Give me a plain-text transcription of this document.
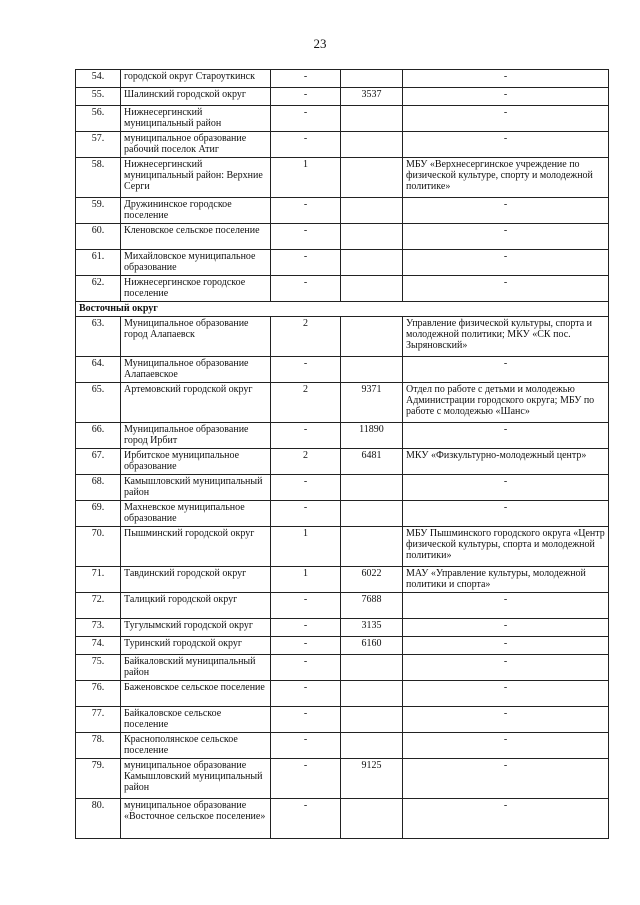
23
54.	городской округ Староуткинск	-		-
55.	Шалинский городской округ	-	3537	-
56.	Нижнесергинский муниципальный район	-		-
57.	муниципальное образование рабочий поселок Атиг	-		-
58.	Нижнесергинский муниципальный район: Верхние Серги	1		МБУ «Верхнесергинское учреждение по физической культуре, спорту и молодежной политике»
59.	Дружининское городское поселение	-		-
60.	Кленовское сельское поселение	-		-
61.	Михайловское муниципальное образование	-		-
62.	Нижнесергинское городское поселение	-		-
Восточный округ				
63.	Муниципальное образование город Алапаевск	2		Управление физической культуры, спорта и молодежной политики; МКУ «СК пос. Зыряновский»
64.	Муниципальное образование Алапаевское	-		-
65.	Артемовский городской округ	2	9371	Отдел по работе с детьми и молодежью Администрации городского округа; МБУ по работе с молодежью «Шанс»
66.	Муниципальное образование город Ирбит	-	11890	-
67.	Ирбитское муниципальное образование	2	6481	МКУ «Физкультурно-молодежный центр»
68.	Камышловский муниципальный район	-		-
69.	Махневское муниципальное образование	-		-
70.	Пышминский городской округ	1		МБУ Пышминского городского округа «Центр физической культуры, спорта и молодежной политики»
71.	Тавдинский городской округ	1	6022	МАУ «Управление культуры, молодежной политики и спорта»
72.	Талицкий городской округ	-	7688	-
73.	Тугулымский городской округ	-	3135	-
74.	Туринский городской округ	-	6160	-
75.	Байкаловский муниципальный район	-		-
76.	Баженовское сельское поселение	-		-
77.	Байкаловское сельское поселение	-		-
78.	Краснополянское сельское поселение	-		-
79.	муниципальное образование Камышловский муниципальный район	-	9125	-
80.	муниципальное образование «Восточное сельское поселение»	-		-
